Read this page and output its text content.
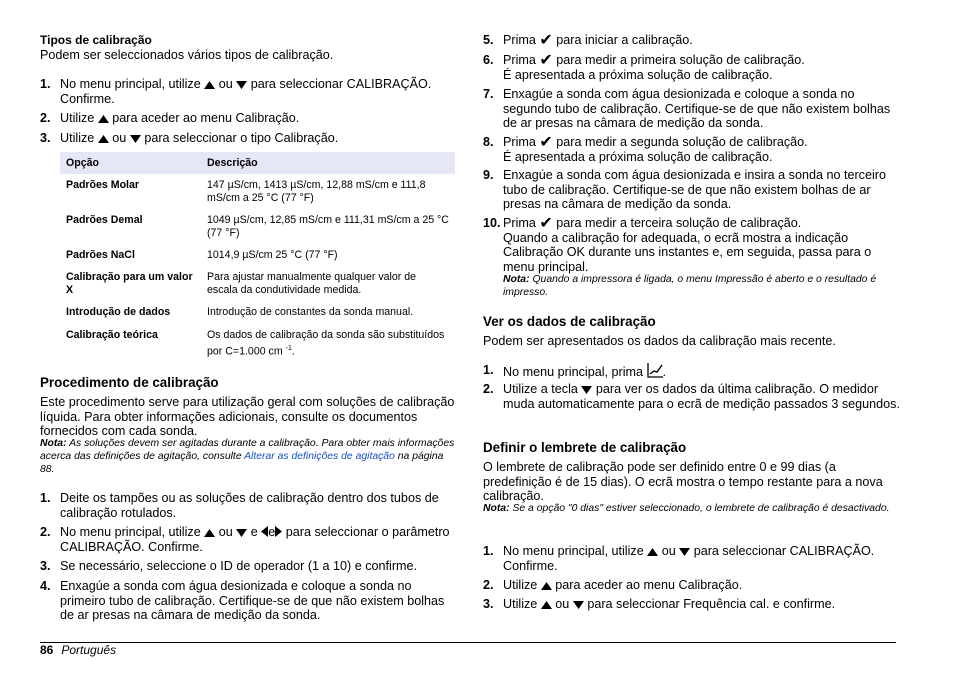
Tipos de calibração
Podem ser seleccionados vários tipos de calibração.
1. No menu principal, utilize ou para seleccionar CALIBRAÇÃO.
Confirme.
2. Utilize para aceder ao menu Calibração.
3. Utilize ou para seleccionar o tipo Calibração.
Opção	Descrição
Padrões Molar	147 µS/cm, 1413 µS/cm, 12,88 mS/cm e 111,8 mS/cm a 25 °C (77 °F)
Padrões Demal	1049 µS/cm, 12,85 mS/cm e 111,31 mS/cm a 25 °C (77 °F)
Padrões NaCl	1014,9 µS/cm 25 °C (77 °F)
Calibração para um valor X	Para ajustar manualmente qualquer valor de escala da condutividade medida.
Introdução de dados	Introdução de constantes da sonda manual.
Calibração teórica	Os dados de calibração da sonda são substituídos por C=1.000 cm $^{-1}$.
Procedimento de calibração
Este procedimento serve para utilização geral com soluções de calibração líquida. Para obter informações adicionais, consulte os documentos fornecidos com cada sonda.
Nota: As soluções devem ser agitadas durante a calibração. Para obter mais informações acerca das definições de agitação, consulte Alterar as definições de agitação na página 88.
1. Deite os tampões ou as soluções de calibração dentro dos tubos de calibração rotulados.
2. No menu principal, utilize ou e e para seleccionar o parâmetro CALIBRAÇÃO. Confirme.
3. Se necessário, seleccione o ID de operador (1 a 10) e confirme.
4. Enxagúe a sonda com água desionizada e coloque a sonda no primeiro tubo de calibração. Certifique-se de que não existem bolhas de ar presas na câmara de medição da sonda.
5. Prima ✔ para iniciar a calibração.
6. Prima ✔ para medir a primeira solução de calibração.
É apresentada a próxima solução de calibração.
7. Enxagúe a sonda com água desionizada e coloque a sonda no segundo tubo de calibração. Certifique-se de que não existem bolhas de ar presas na câmara de medição da sonda.
8. Prima ✔ para medir a segunda solução de calibração.
É apresentada a próxima solução de calibração.
9. Enxagúe a sonda com água desionizada e insira a sonda no terceiro tubo de calibração. Certifique-se de que não existem bolhas de ar presas na câmara de medição da sonda.
10. Prima ✔ para medir a terceira solução de calibração.
Quando a calibração for adequada, o ecrã mostra a indicação Calibração OK durante uns instantes e, em seguida, passa para o menu principal.
Nota: Quando a impressora é ligada, o menu Impressão é aberto e o resultado é impresso.
Ver os dados de calibração
Podem ser apresentados os dados da calibração mais recente.
1. No menu principal, prima .
2. Utilize a tecla para ver os dados da última calibração. O medidor muda automaticamente para o ecrã de medição passados 3 segundos.
Definir o lembrete de calibração
O lembrete de calibração pode ser definido entre 0 e 99 dias (a predefinição é de 15 dias). O ecrã mostra o tempo restante para a nova calibração.
Nota: Se a opção "0 dias" estiver seleccionado, o lembrete de calibração é desactivado.
1. No menu principal, utilize ou para seleccionar CALIBRAÇÃO.
Confirme.
2. Utilize para aceder ao menu Calibração.
3. Utilize ou para seleccionar Frequência cal. e confirme.
86 Português
